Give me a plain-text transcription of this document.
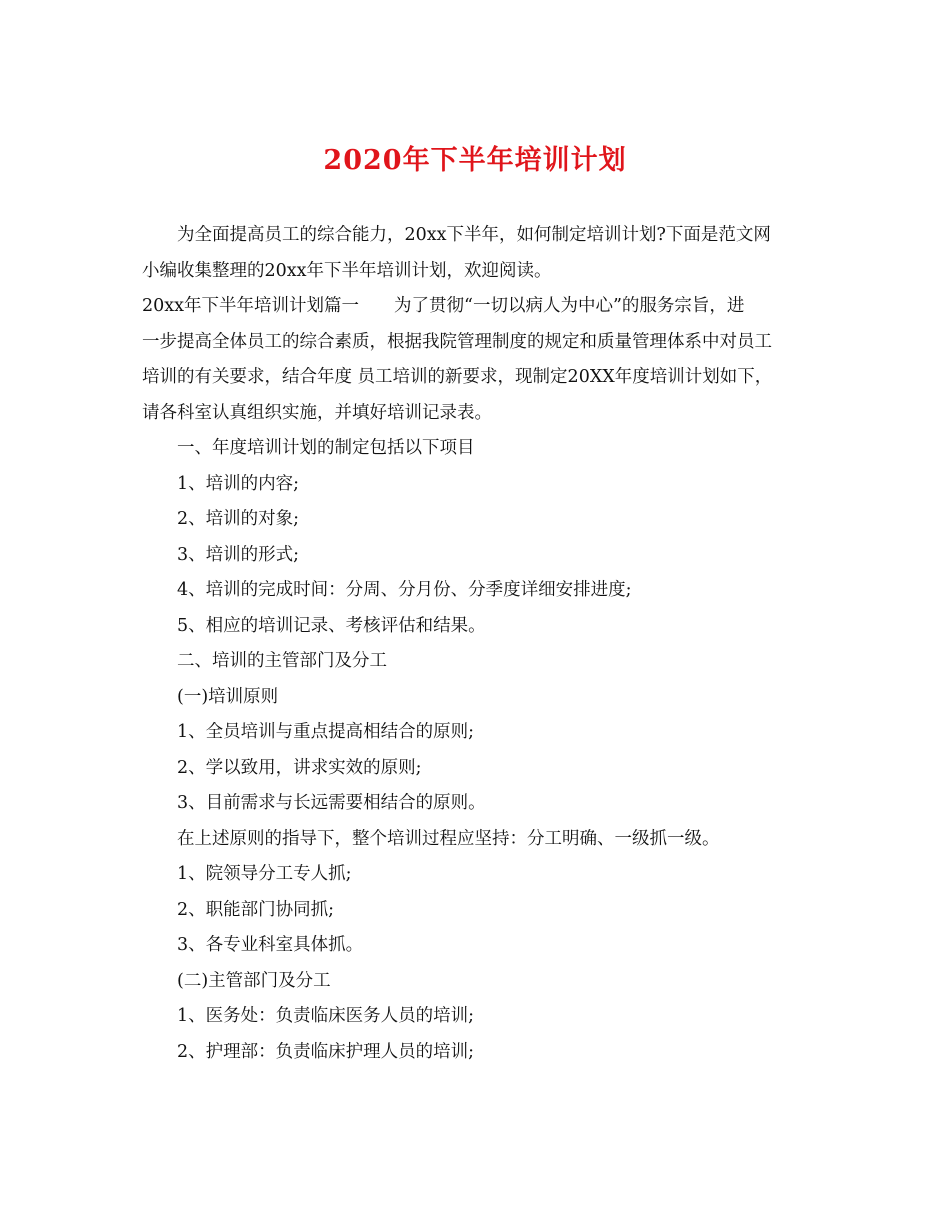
2020年下半年培训计划
为全面提高员工的综合能力，20xx下半年，如何制定培训计划?下面是范文网
小编收集整理的20xx年下半年培训计划，欢迎阅读。
20xx年下半年培训计划篇一　　为了贯彻“一切以病人为中心”的服务宗旨，进
一步提高全体员工的综合素质，根据我院管理制度的规定和质量管理体系中对员工
培训的有关要求，结合年度 员工培训的新要求，现制定20XX年度培训计划如下，
请各科室认真组织实施，并填好培训记录表。
一、年度培训计划的制定包括以下项目
1、培训的内容;
2、培训的对象;
3、培训的形式;
4、培训的完成时间：分周、分月份、分季度详细安排进度;
5、相应的培训记录、考核评估和结果。
二、培训的主管部门及分工
(一)培训原则
1、全员培训与重点提高相结合的原则;
2、学以致用，讲求实效的原则;
3、目前需求与长远需要相结合的原则。
在上述原则的指导下，整个培训过程应坚持：分工明确、一级抓一级。
1、院领导分工专人抓;
2、职能部门协同抓;
3、各专业科室具体抓。
(二)主管部门及分工
1、医务处：负责临床医务人员的培训;
2、护理部：负责临床护理人员的培训;
